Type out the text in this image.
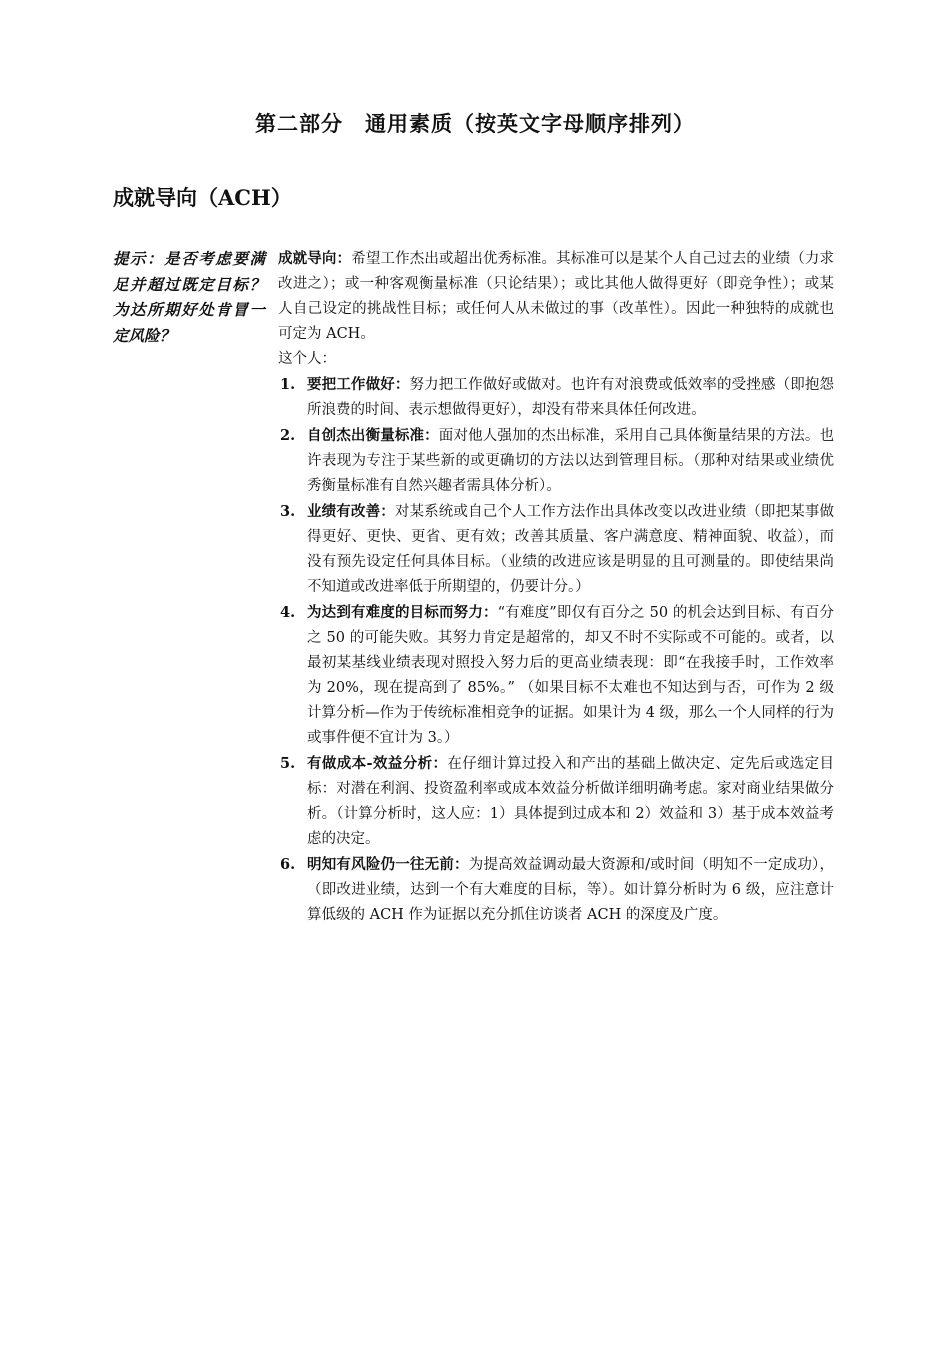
第二部分　通用素质（按英文字母顺序排列）
成就导向（ACH）
提示：是否考虑要满足并超过既定目标？为达所期好处肯冒一定风险？

成就导向：希望工作杰出或超出优秀标准。其标准可以是某个人自己过去的业绩（力求改进之）；或一种客观衡量标准（只论结果）；或比其他人做得更好（即竞争性）；或某人自己设定的挑战性目标；或任何人从未做过的事（改革性）。因此一种独特的成就也可定为 ACH。

这个人：

1. 要把工作做好：努力把工作做好或做对。也许有对浪费或低效率的受挫感（即抱怨所浪费的时间、表示想做得更好），却没有带来具体任何改进。
2. 自创杰出衡量标准：面对他人强加的杰出标准，采用自己具体衡量结果的方法。也许表现为专注于某些新的或更确切的方法以达到管理目标。（那种对结果或业绩优秀衡量标准有自然兴趣者需具体分析）。
3. 业绩有改善：对某系统或自己个人工作方法作出具体改变以改进业绩（即把某事做得更好、更快、更省、更有效；改善其质量、客户满意度、精神面貌、收益），而没有预先设定任何具体目标。（业绩的改进应该是明显的且可测量的。即使结果尚不知道或改进率低于所期望的，仍要计分。）
4. 为达到有难度的目标而努力：“有难度”即仅有百分之 50 的机会达到目标、有百分之 50 的可能失败。其努力肯定是超常的，却又不时不实际或不可能的。或者，以最初某基线业绩表现对照投入努力后的更高业绩表现：即“在我接手时，工作效率为 20%，现在提高到了 85%。” （如果目标不太难也不知达到与否，可作为 2 级计算分析—作为于传统标准相竞争的证据。如果计为 4 级，那么一个人同样的行为或事件便不宜计为 3。）
5. 有做成本-效益分析：在仔细计算过投入和产出的基础上做决定、定先后或选定目标：对潜在利润、投资盈利率或成本效益分析做详细明确考虑。家对商业结果做分析。（计算分析时，这人应：1）具体提到过成本和 2）效益和 3）基于成本效益考虑的决定。
6. 明知有风险仍一往无前：为提高效益调动最大资源和/或时间（明知不一定成功），（即改进业绩，达到一个有大难度的目标，等）。如计算分析时为 6 级，应注意计算低级的 ACH 作为证据以充分抓住访谈者 ACH 的深度及广度。
